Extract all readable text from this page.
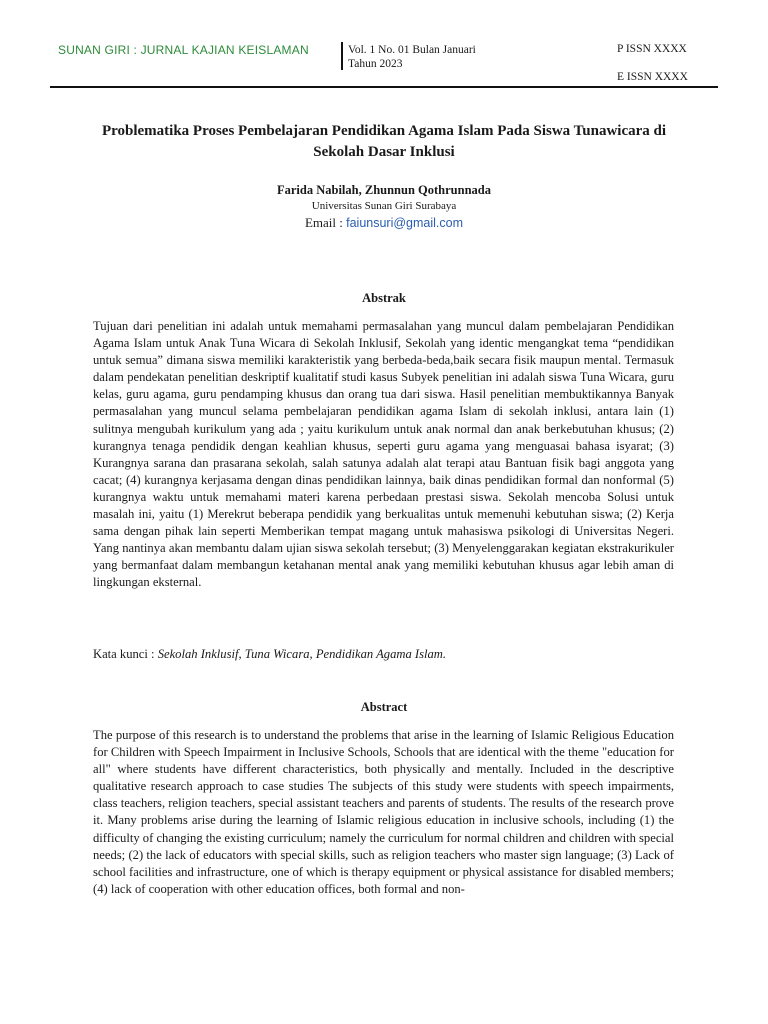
SUNAN GIRI : JURNAL KAJIAN KEISLAMAN	Vol. 1 No. 01 Bulan Januari
Tahun 2023
P ISSN XXXX
E ISSN XXXX
Problematika Proses Pembelajaran Pendidikan Agama Islam Pada Siswa Tunawicara di Sekolah Dasar Inklusi
Farida Nabilah, Zhunnun Qothrunnada
Universitas Sunan Giri Surabaya
Email : faiunsuri@gmail.com
Abstrak
Tujuan dari penelitian ini adalah untuk memahami permasalahan yang muncul dalam pembelajaran Pendidikan Agama Islam untuk Anak Tuna Wicara di Sekolah Inklusif, Sekolah yang identic mengangkat tema “pendidikan untuk semua” dimana siswa memiliki karakteristik yang berbeda-beda,baik secara fisik maupun mental. Termasuk dalam pendekatan penelitian deskriptif kualitatif studi kasus Subyek penelitian ini adalah siswa Tuna Wicara, guru kelas, guru agama, guru pendamping khusus dan orang tua dari siswa. Hasil penelitian membuktikannya Banyak permasalahan yang muncul selama pembelajaran pendidikan agama Islam di sekolah inklusi, antara lain (1) sulitnya mengubah kurikulum yang ada ; yaitu kurikulum untuk anak normal dan anak berkebutuhan khusus; (2) kurangnya tenaga pendidik dengan keahlian khusus, seperti guru agama yang menguasai bahasa isyarat; (3) Kurangnya sarana dan prasarana sekolah, salah satunya adalah alat terapi atau Bantuan fisik bagi anggota yang cacat; (4) kurangnya kerjasama dengan dinas pendidikan lainnya, baik dinas pendidikan formal dan nonformal (5) kurangnya waktu untuk memahami materi karena perbedaan prestasi siswa. Sekolah mencoba Solusi untuk masalah ini, yaitu (1) Merekrut beberapa pendidik yang berkualitas untuk memenuhi kebutuhan siswa; (2) Kerja sama dengan pihak lain seperti Memberikan tempat magang untuk mahasiswa psikologi di Universitas Negeri. Yang nantinya akan membantu dalam ujian siswa sekolah tersebut; (3) Menyelenggarakan kegiatan ekstrakurikuler yang bermanfaat dalam membangun ketahanan mental anak yang memiliki kebutuhan khusus agar lebih aman di lingkungan eksternal.
Kata kunci : Sekolah Inklusif, Tuna Wicara, Pendidikan Agama Islam.
Abstract
The purpose of this research is to understand the problems that arise in the learning of Islamic Religious Education for Children with Speech Impairment in Inclusive Schools, Schools that are identical with the theme "education for all" where students have different characteristics, both physically and mentally. Included in the descriptive qualitative research approach to case studies The subjects of this study were students with speech impairments, class teachers, religion teachers, special assistant teachers and parents of students. The results of the research prove it. Many problems arise during the learning of Islamic religious education in inclusive schools, including (1) the difficulty of changing the existing curriculum; namely the curriculum for normal children and children with special needs; (2) the lack of educators with special skills, such as religion teachers who master sign language; (3) Lack of school facilities and infrastructure, one of which is therapy equipment or physical assistance for disabled members; (4) lack of cooperation with other education offices, both formal and non-
